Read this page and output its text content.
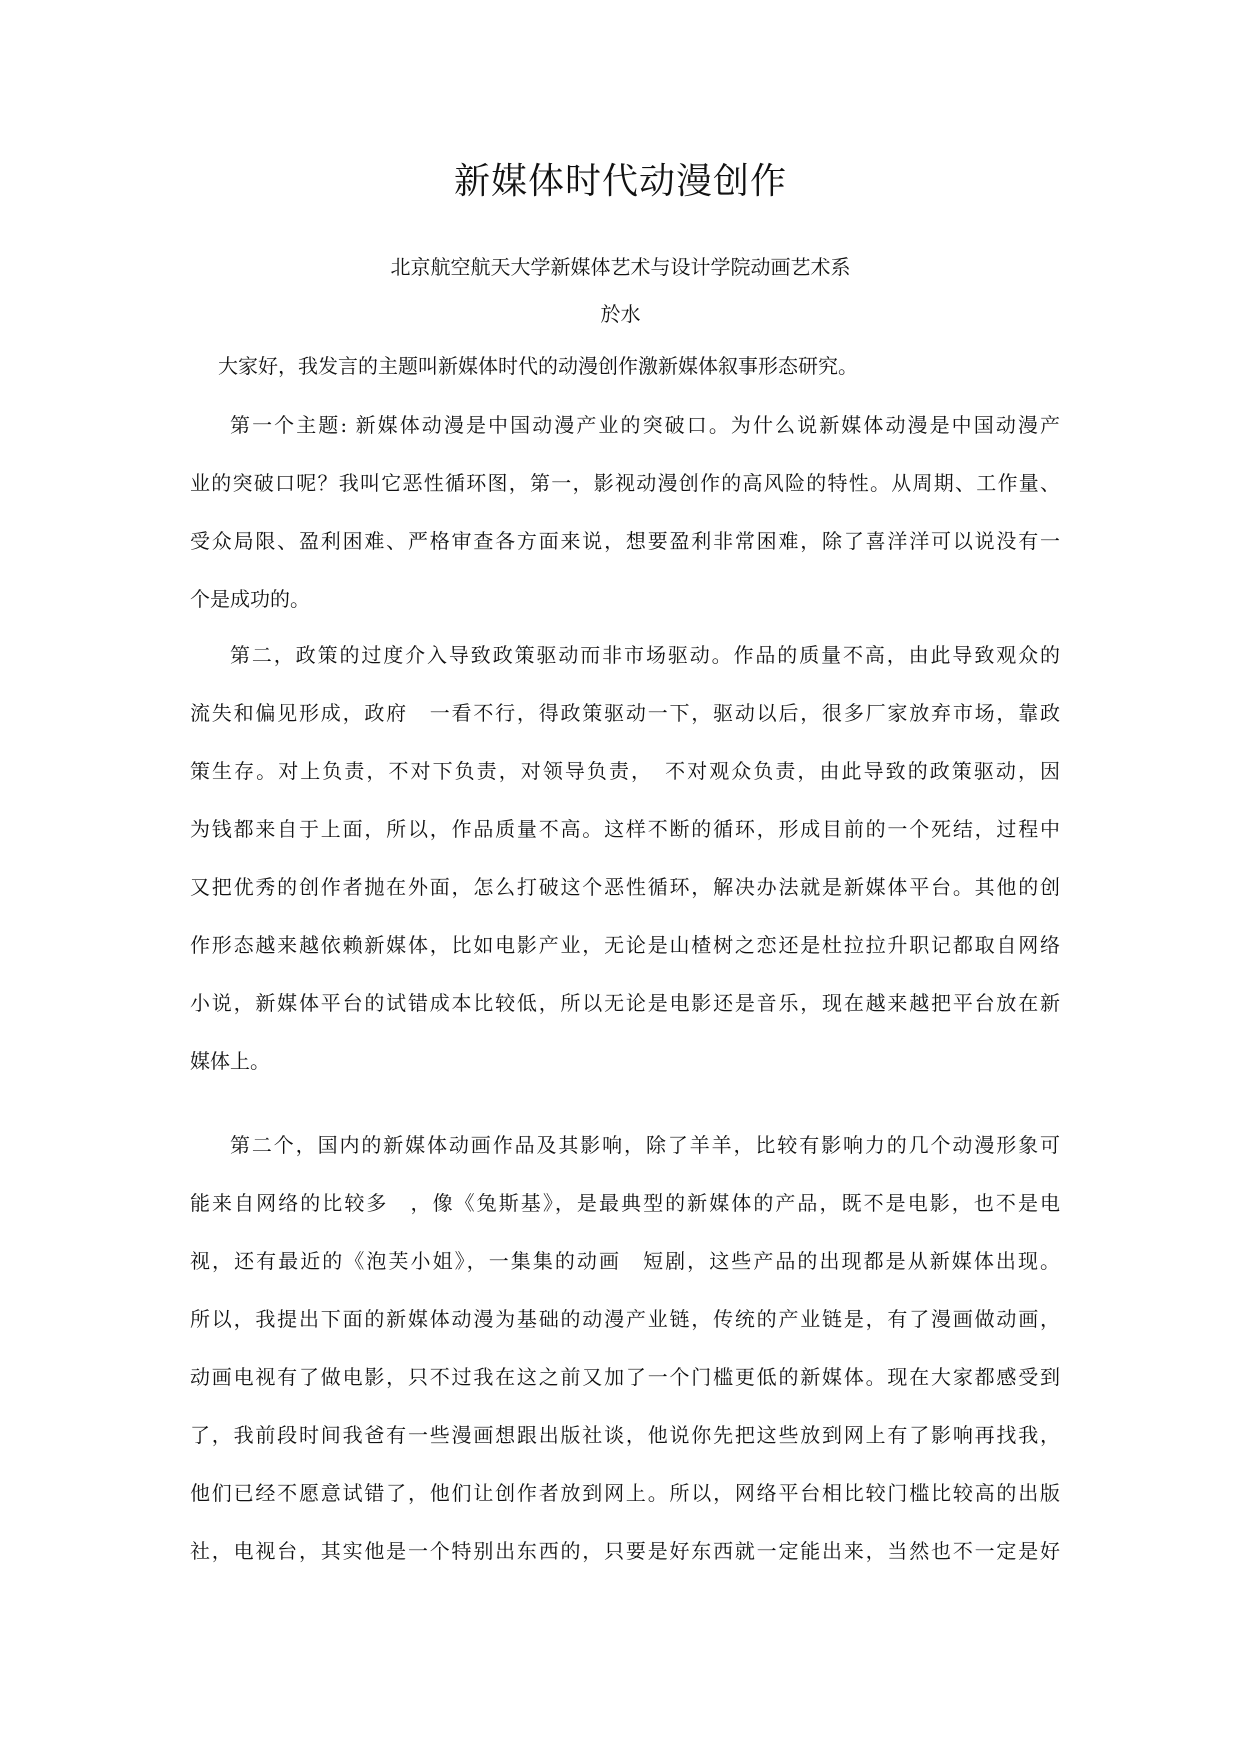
新媒体时代动漫创作
北京航空航天大学新媒体艺术与设计学院动画艺术系
於水
大家好，我发言的主题叫新媒体时代的动漫创作激新媒体叙事形态研究。
第一个主题: 新媒体动漫是中国动漫产业的突破口。为什么说新媒体动漫是中国动漫产
业的突破口呢？我叫它恶性循环图，第一，影视动漫创作的高风险的特性。从周期、工作量、
受众局限、盈利困难、严格审查各方面来说，想要盈利非常困难，除了喜洋洋可以说没有一
个是成功的。
第二，政策的过度介入导致政策驱动而非市场驱动。作品的质量不高，由此导致观众的
流失和偏见形成，政府　一看不行，得政策驱动一下，驱动以后，很多厂家放弃市场，靠政
策生存。对上负责，不对下负责，对领导负责，　不对观众负责，由此导致的政策驱动，因
为钱都来自于上面，所以，作品质量不高。这样不断的循环，形成目前的一个死结，过程中
又把优秀的创作者抛在外面，怎么打破这个恶性循环，解决办法就是新媒体平台。其他的创
作形态越来越依赖新媒体，比如电影产业，无论是山楂树之恋还是杜拉拉升职记都取自网络
小说，新媒体平台的试错成本比较低，所以无论是电影还是音乐，现在越来越把平台放在新
媒体上。
第二个，国内的新媒体动画作品及其影响，除了羊羊，比较有影响力的几个动漫形象可
能来自网络的比较多　，像《兔斯基》，是最典型的新媒体的产品，既不是电影，也不是电
视，还有最近的《泡芙小姐》，一集集的动画　短剧，这些产品的出现都是从新媒体出现。
所以，我提出下面的新媒体动漫为基础的动漫产业链，传统的产业链是，有了漫画做动画，
动画电视有了做电影，只不过我在这之前又加了一个门槛更低的新媒体。现在大家都感受到
了，我前段时间我爸有一些漫画想跟出版社谈，他说你先把这些放到网上有了影响再找我，
他们已经不愿意试错了，他们让创作者放到网上。所以，网络平台相比较门槛比较高的出版
社，电视台，其实他是一个特别出东西的，只要是好东西就一定能出来，当然也不一定是好
